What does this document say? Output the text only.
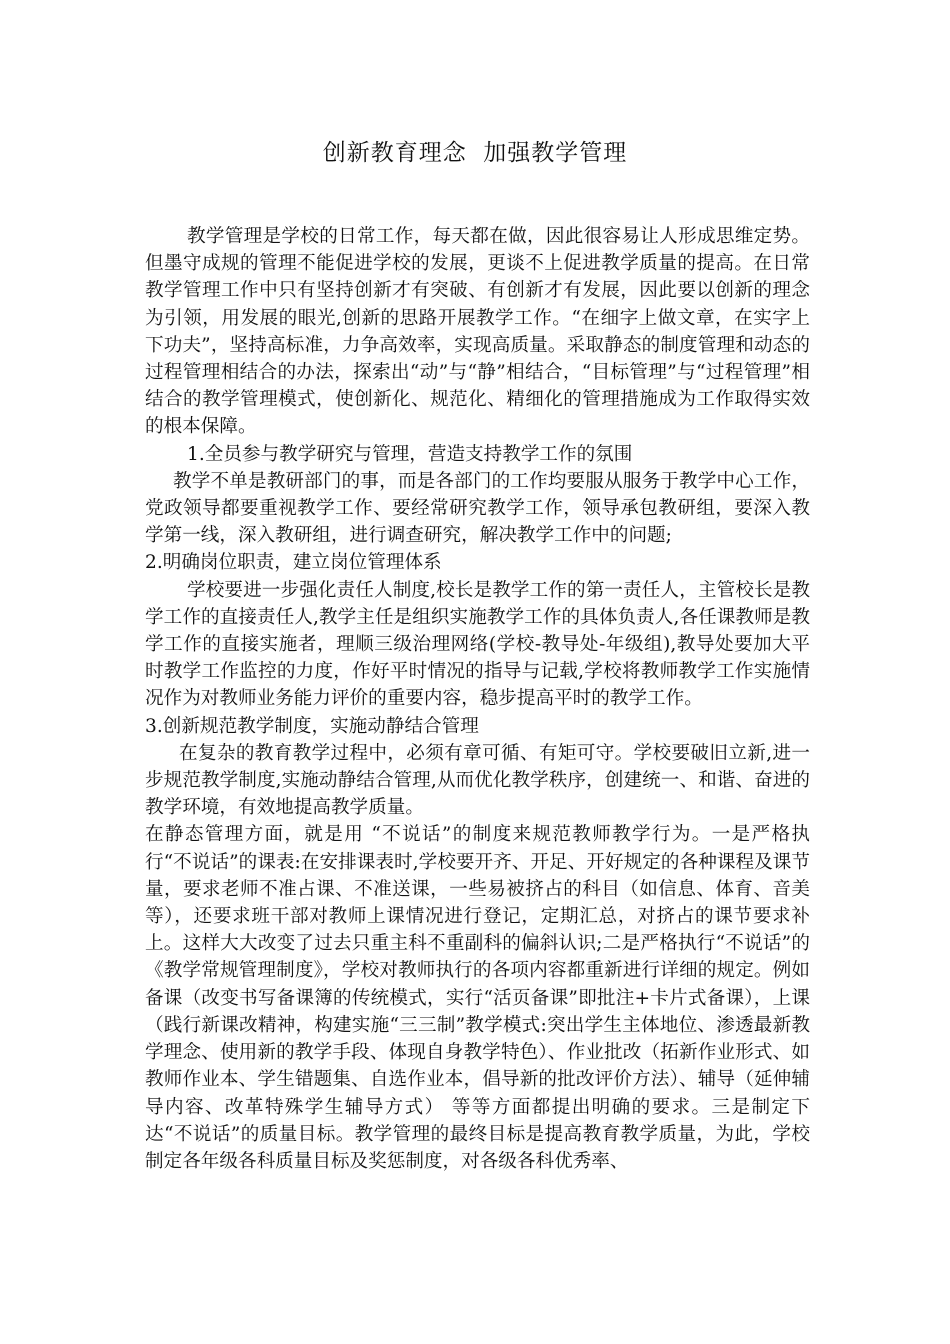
创新教育理念  加强教学管理

教学管理是学校的日常工作，每天都在做，因此很容易让人形成思维定势。但墨守成规的管理不能促进学校的发展，更谈不上促进教学质量的提高。在日常教学管理工作中只有坚持创新才有突破、有创新才有发展，因此要以创新的理念为引领，用发展的眼光,创新的思路开展教学工作。“在细字上做文章，在实字上下功夫”，坚持高标准，力争高效率，实现高质量。采取静态的制度管理和动态的过程管理相结合的办法，探索出“动”与“静”相结合，“目标管理”与“过程管理”相结合的教学管理模式，使创新化、规范化、精细化的管理措施成为工作取得实效的根本保障。

1.全员参与教学研究与管理，营造支持教学工作的氛围

教学不单是教研部门的事，而是各部门的工作均要服从服务于教学中心工作，党政领导都要重视教学工作、要经常研究教学工作，领导承包教研组，要深入教学第一线，深入教研组，进行调查研究，解决教学工作中的问题;

2.明确岗位职责，建立岗位管理体系

学校要进一步强化责任人制度,校长是教学工作的第一责任人，主管校长是教学工作的直接责任人,教学主任是组织实施教学工作的具体负责人,各任课教师是教学工作的直接实施者，理顺三级治理网络(学校-教导处-年级组),教导处要加大平时教学工作监控的力度，作好平时情况的指导与记载,学校将教师教学工作实施情况作为对教师业务能力评价的重要内容，稳步提高平时的教学工作。

3.创新规范教学制度，实施动静结合管理

在复杂的教育教学过程中，必须有章可循、有矩可守。学校要破旧立新,进一步规范教学制度,实施动静结合管理,从而优化教学秩序，创建统一、和谐、奋进的教学环境，有效地提高教学质量。

在静态管理方面，就是用 “不说话”的制度来规范教师教学行为。一是严格执行“不说话”的课表:在安排课表时,学校要开齐、开足、开好规定的各种课程及课节量，要求老师不准占课、不准送课，一些易被挤占的科目（如信息、体育、音美等），还要求班干部对教师上课情况进行登记，定期汇总，对挤占的课节要求补上。这样大大改变了过去只重主科不重副科的偏斜认识;二是严格执行“不说话”的《教学常规管理制度》，学校对教师执行的各项内容都重新进行详细的规定。例如备课（改变书写备课簿的传统模式，实行“活页备课”即批注+卡片式备课），上课（践行新课改精神，构建实施“三三制”教学模式:突出学生主体地位、渗透最新教学理念、使用新的教学手段、体现自身教学特色）、作业批改（拓新作业形式、如教师作业本、学生错题集、自选作业本，倡导新的批改评价方法）、辅导（延伸辅导内容、改革特殊学生辅导方式） 等等方面都提出明确的要求。三是制定下达“不说话”的质量目标。教学管理的最终目标是提高教育教学质量，为此，学校制定各年级各科质量目标及奖惩制度，对各级各科优秀率、
